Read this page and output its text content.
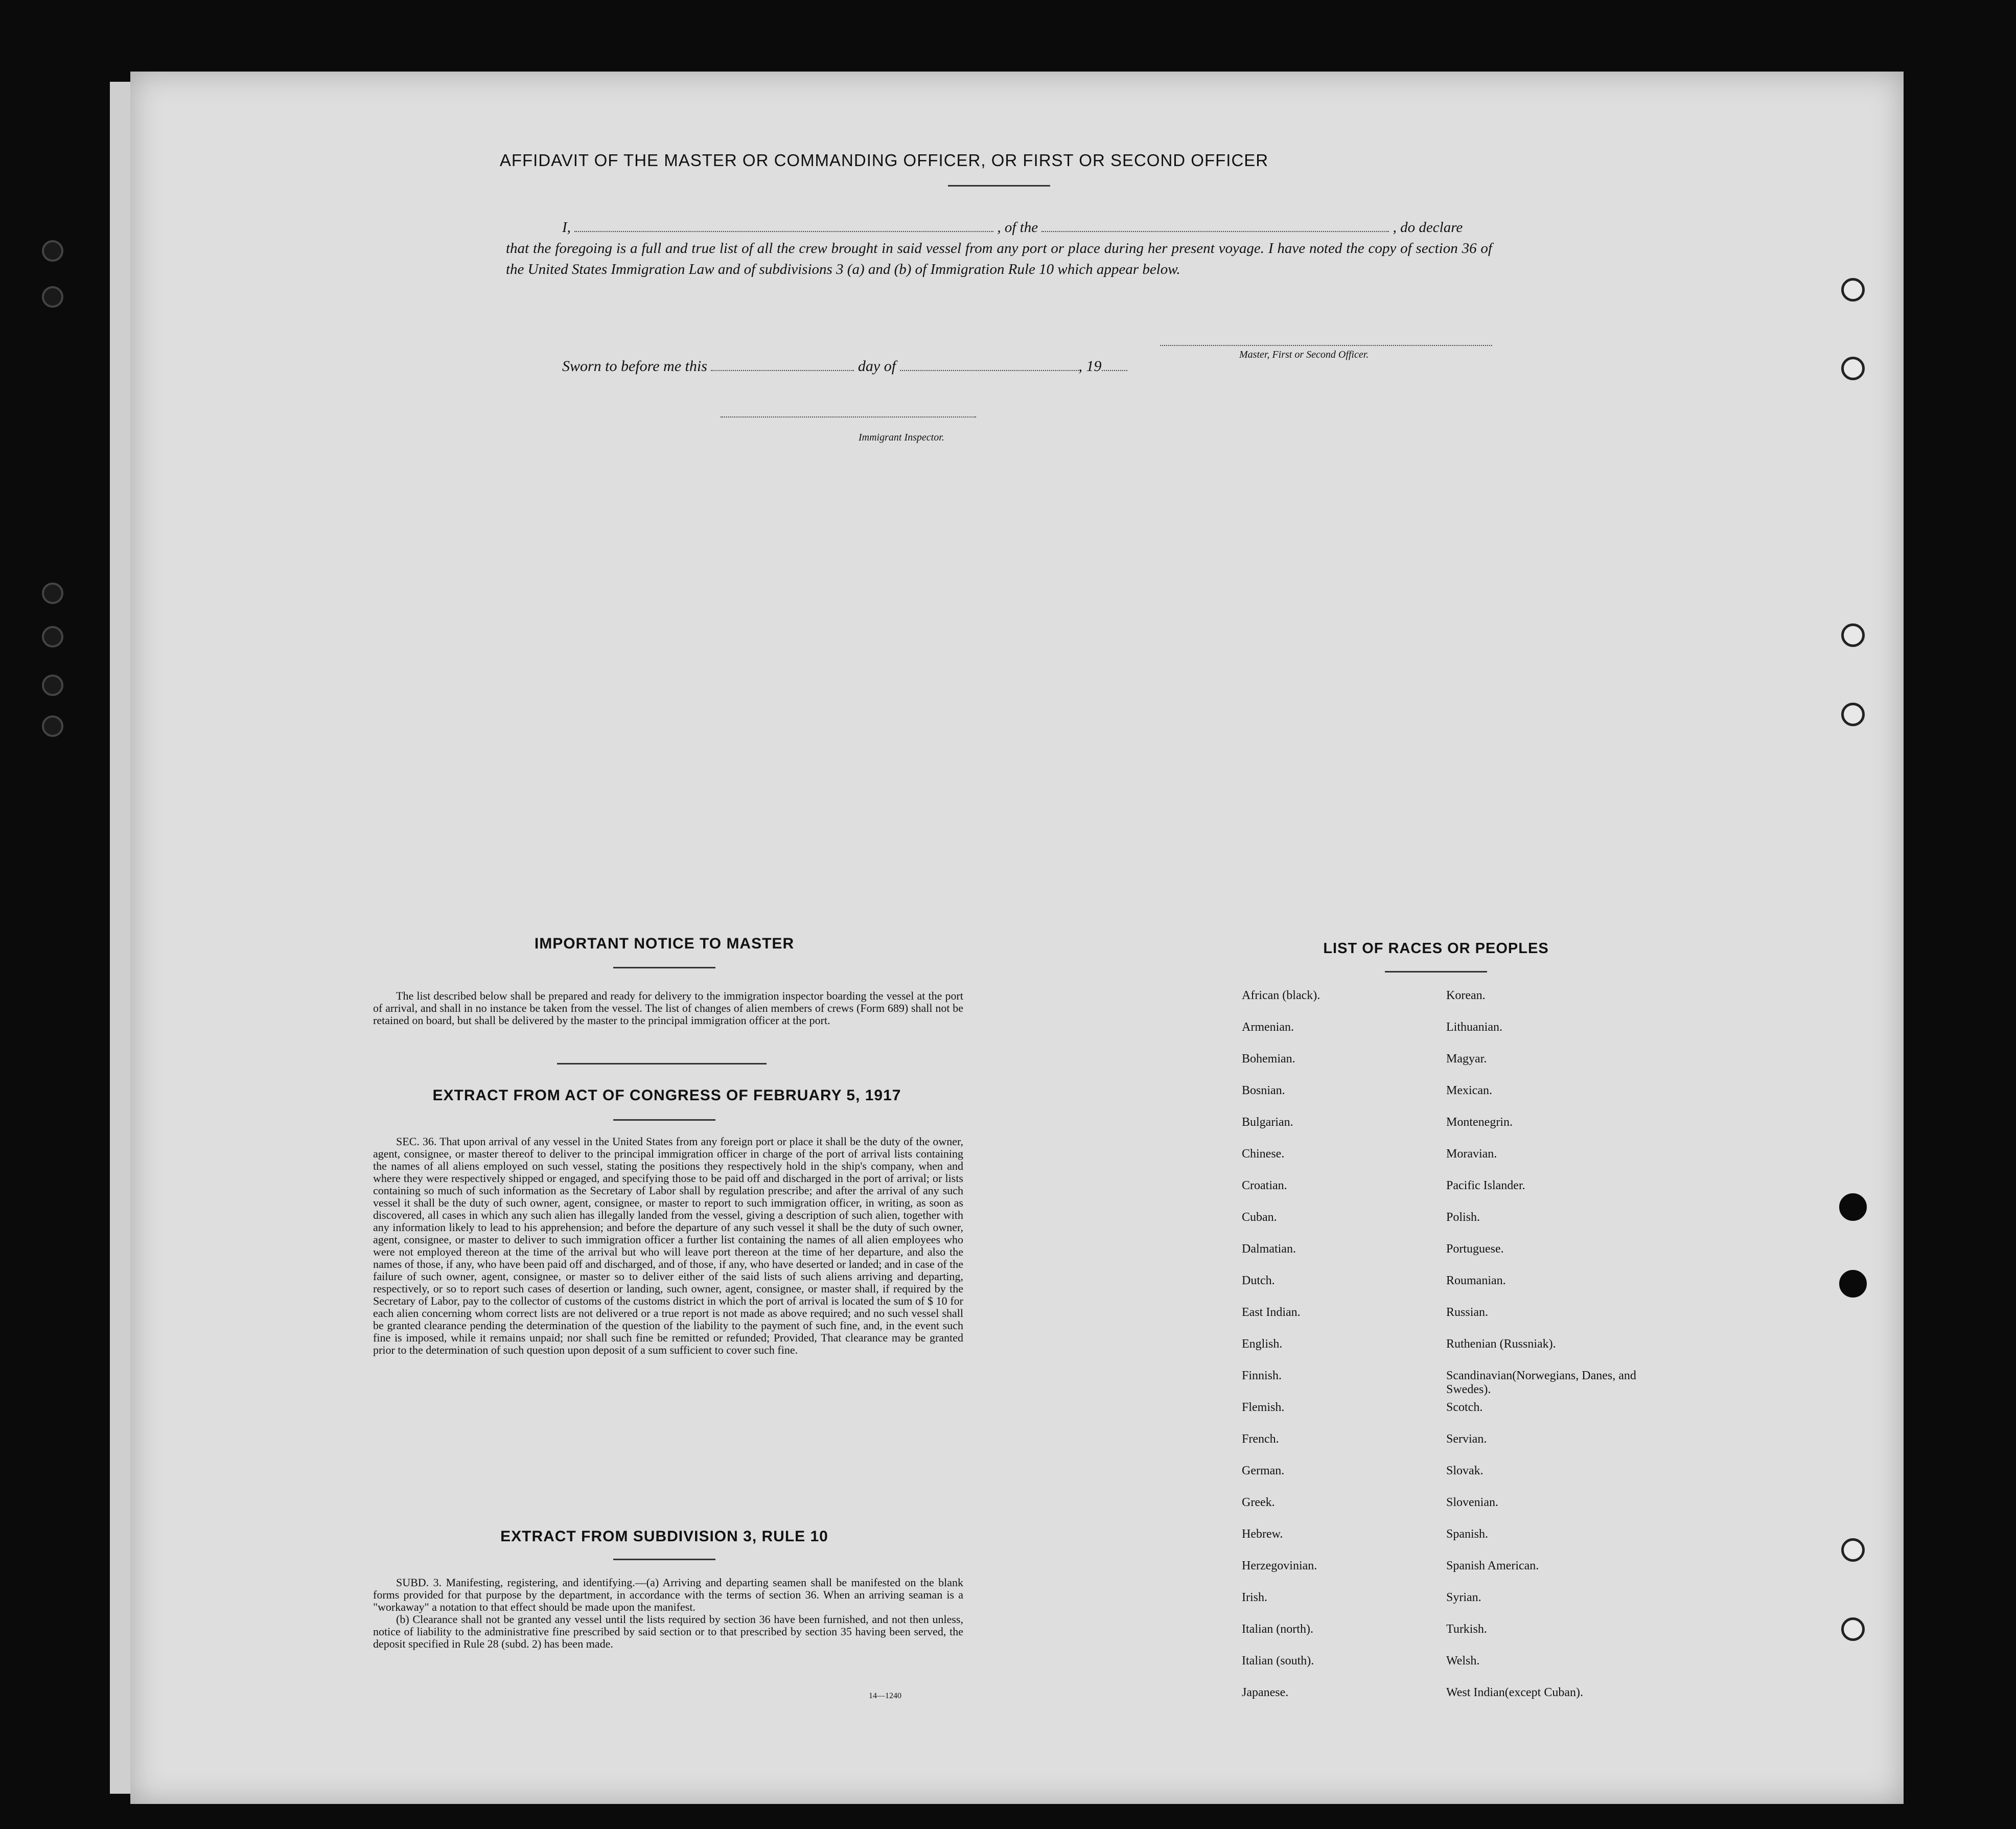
AFFIDAVIT OF THE MASTER OR COMMANDING OFFICER, OR FIRST OR SECOND OFFICER
I,	, of the	, do declare
that the foregoing is a full and true list of all the crew brought in said vessel from any port or place during her present voyage. I have noted the copy of section 36 of the United States Immigration Law and of subdivisions 3 (a) and (b) of Immigration Rule 10 which appear below.
Master, First or Second Officer.
Sworn to before me this	day of	, 19
Immigrant Inspector.
IMPORTANT NOTICE TO MASTER

The list described below shall be prepared and ready for delivery to the immigration inspector boarding the vessel at the port of arrival, and shall in no instance be taken from the vessel. The list of changes of alien members of crews (Form 689) shall not be retained on board, but shall be delivered by the master to the principal immigration officer at the port.

EXTRACT FROM ACT OF CONGRESS OF FEBRUARY 5, 1917

SEC. 36. That upon arrival of any vessel in the United States from any foreign port or place it shall be the duty of the owner, agent, consignee, or master thereof to deliver to the principal immigration officer in charge of the port of arrival lists containing the names of all aliens employed on such vessel, stating the positions they respectively hold in the ship's company, when and where they were respectively shipped or engaged, and specifying those to be paid off and discharged in the port of arrival; or lists containing so much of such information as the Secretary of Labor shall by regulation prescribe; and after the arrival of any such vessel it shall be the duty of such owner, agent, consignee, or master to report to such immigration officer, in writing, as soon as discovered, all cases in which any such alien has illegally landed from the vessel, giving a description of such alien, together with any information likely to lead to his apprehension; and before the departure of any such vessel it shall be the duty of such owner, agent, consignee, or master to deliver to such immigration officer a further list containing the names of all alien employees who were not employed thereon at the time of the arrival but who will leave port thereon at the time of her departure, and also the names of those, if any, who have been paid off and discharged, and of those, if any, who have deserted or landed; and in case of the failure of such owner, agent, consignee, or master so to deliver either of the said lists of such aliens arriving and departing, respectively, or so to report such cases of desertion or landing, such owner, agent, consignee, or master shall, if required by the Secretary of Labor, pay to the collector of customs of the customs district in which the port of arrival is located the sum of $ 10 for each alien concerning whom correct lists are not delivered or a true report is not made as above required; and no such vessel shall be granted clearance pending the determination of the question of the liability to the payment of such fine, and, in the event such fine is imposed, while it remains unpaid; nor shall such fine be remitted or refunded; Provided, That clearance may be granted prior to the determination of such question upon deposit of a sum sufficient to cover such fine.

EXTRACT FROM SUBDIVISION 3, RULE 10

SUBD. 3. Manifesting, registering, and identifying.—(a) Arriving and departing seamen shall be manifested on the blank forms provided for that purpose by the department, in accordance with the terms of section 36. When an arriving seaman is a "workaway" a notation to that effect should be made upon the manifest.

(b) Clearance shall not be granted any vessel until the lists required by section 36 have been furnished, and not then unless, notice of liability to the administrative fine prescribed by said section or to that prescribed by section 35 having been served, the deposit specified in Rule 28 (subd. 2) has been made.

14—1240
LIST OF RACES OR PEOPLES
African (black).	Korean.
Armenian.	Lithuanian.
Bohemian.	Magyar.
Bosnian.	Mexican.
Bulgarian.	Montenegrin.
Chinese.	Moravian.
Croatian.	Pacific Islander.
Cuban.	Polish.
Dalmatian.	Portuguese.
Dutch.	Roumanian.
East Indian.	Russian.
English.	Ruthenian (Russniak).
Finnish.	Scandinavian(Norwegians, Danes, and Swedes).
Flemish.	Scotch.
French.	Servian.
German.	Slovak.
Greek.	Slovenian.
Hebrew.	Spanish.
Herzegovinian.	Spanish American.
Irish.	Syrian.
Italian (north).	Turkish.
Italian (south).	Welsh.
Japanese.	West Indian(except Cuban).
